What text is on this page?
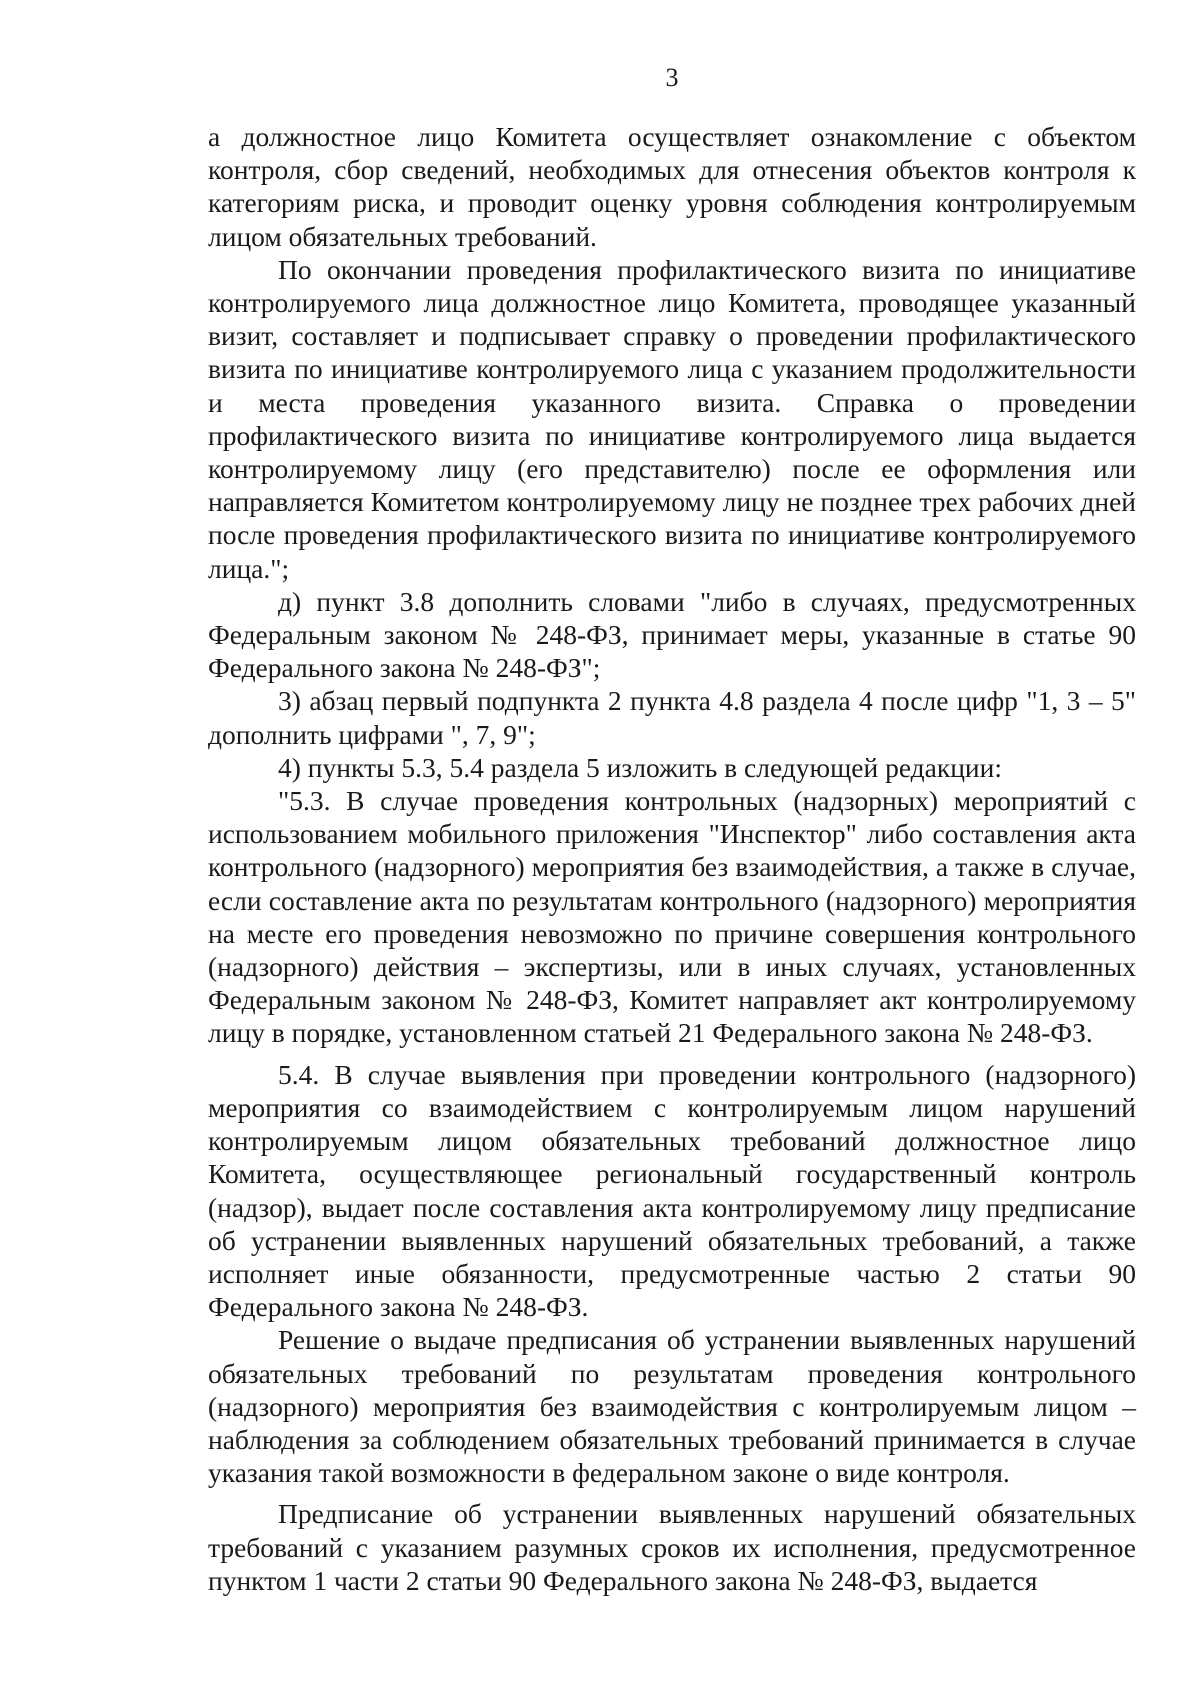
3

а должностное лицо Комитета осуществляет ознакомление с объектом контроля, сбор сведений, необходимых для отнесения объектов контроля к категориям риска, и проводит оценку уровня соблюдения контролируемым лицом обязательных требований.

По окончании проведения профилактического визита по инициативе контролируемого лица должностное лицо Комитета, проводящее указанный визит, составляет и подписывает справку о проведении профилактического визита по инициативе контролируемого лица с указанием продолжительности и места проведения указанного визита. Справка о проведении профилактического визита по инициативе контролируемого лица выдается контролируемому лицу (его представителю) после ее оформления или направляется Комитетом контролируемому лицу не позднее трех рабочих дней после проведения профилактического визита по инициативе контролируемого лица.";

д) пункт 3.8 дополнить словами "либо в случаях, предусмотренных Федеральным законом № 248-ФЗ, принимает меры, указанные в статье 90 Федерального закона № 248-ФЗ";

3) абзац первый подпункта 2 пункта 4.8 раздела 4 после цифр "1, 3 – 5" дополнить цифрами ", 7, 9";

4) пункты 5.3, 5.4 раздела 5 изложить в следующей редакции:

"5.3. В случае проведения контрольных (надзорных) мероприятий с использованием мобильного приложения "Инспектор" либо составления акта контрольного (надзорного) мероприятия без взаимодействия, а также в случае, если составление акта по результатам контрольного (надзорного) мероприятия на месте его проведения невозможно по причине совершения контрольного (надзорного) действия – экспертизы, или в иных случаях, установленных Федеральным законом № 248-ФЗ, Комитет направляет акт контролируемому лицу в порядке, установленном статьей 21 Федерального закона № 248-ФЗ.

5.4. В случае выявления при проведении контрольного (надзорного) мероприятия со взаимодействием с контролируемым лицом нарушений контролируемым лицом обязательных требований должностное лицо Комитета, осуществляющее региональный государственный контроль (надзор), выдает после составления акта контролируемому лицу предписание об устранении выявленных нарушений обязательных требований, а также исполняет иные обязанности, предусмотренные частью 2 статьи 90 Федерального закона № 248-ФЗ.

Решение о выдаче предписания об устранении выявленных нарушений обязательных требований по результатам проведения контрольного (надзорного) мероприятия без взаимодействия с контролируемым лицом – наблюдения за соблюдением обязательных требований принимается в случае указания такой возможности в федеральном законе о виде контроля.

Предписание об устранении выявленных нарушений обязательных требований с указанием разумных сроков их исполнения, предусмотренное пунктом 1 части 2 статьи 90 Федерального закона № 248-ФЗ, выдается
